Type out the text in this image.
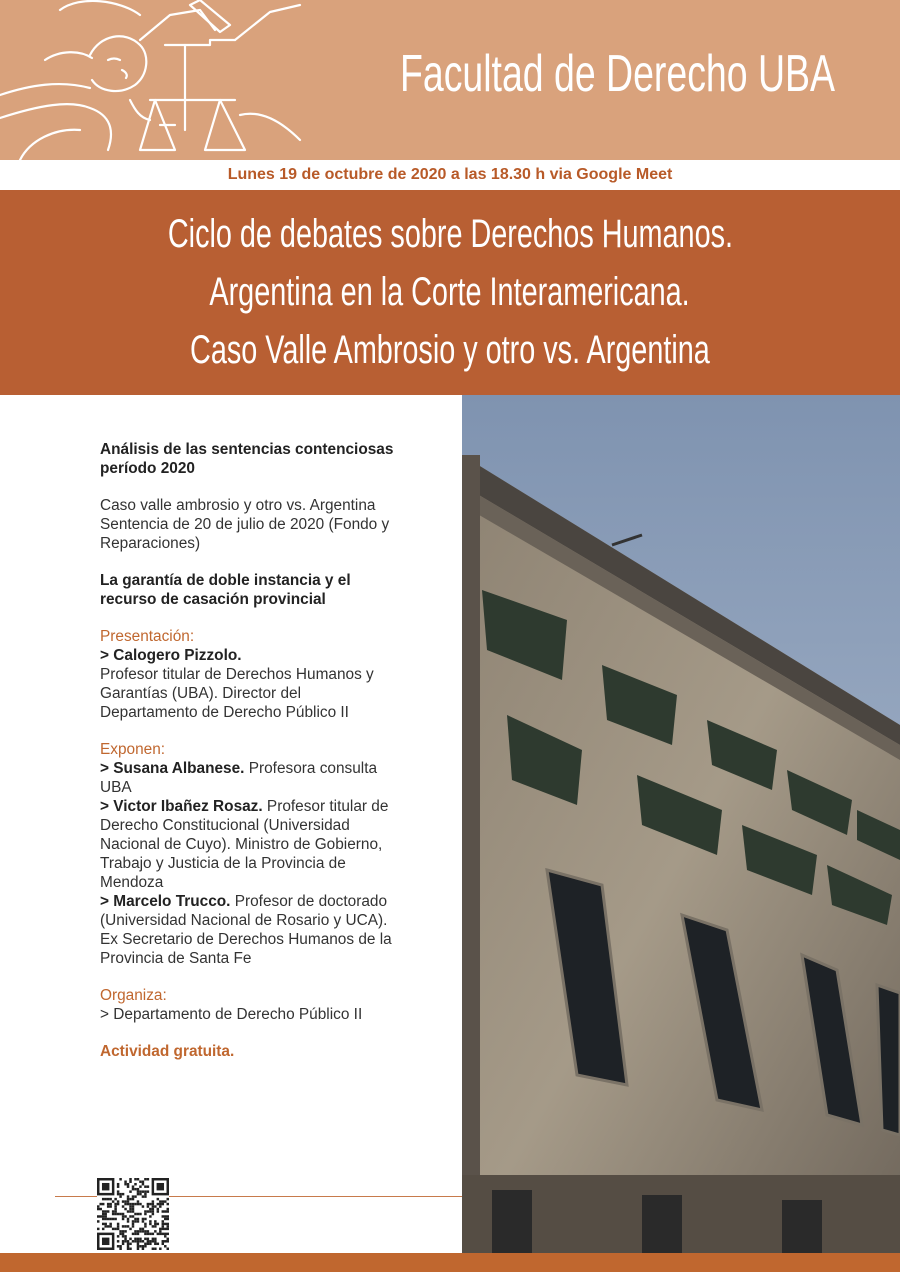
Facultad de Derecho UBA
Lunes 19 de octubre de 2020 a las 18.30 h via Google Meet
Ciclo de debates sobre Derechos Humanos.
Argentina en la Corte Interamericana.
Caso Valle Ambrosio y otro vs. Argentina

Análisis de las sentencias contenciosas

período 2020

Caso valle ambrosio y otro vs. Argentina

Sentencia de 20 de julio de 2020 (Fondo y

Reparaciones)

La garantía de doble instancia y el

recurso de casación provincial

Presentación:

> Calogero Pizzolo.

Profesor titular de Derechos Humanos y

Garantías (UBA). Director del

Departamento de Derecho Público II

Exponen:

> Susana Albanese. Profesora consulta

UBA

> Victor Ibañez Rosaz. Profesor titular de

Derecho Constitucional (Universidad

Nacional de Cuyo). Ministro de Gobierno,

Trabajo y Justicia de la Provincia de

Mendoza

> Marcelo Trucco. Profesor de doctorado

(Universidad Nacional de Rosario y UCA).

Ex Secretario de Derechos Humanos de la

Provincia de Santa Fe

Organiza:

> Departamento de Derecho Público II

Actividad gratuita.
